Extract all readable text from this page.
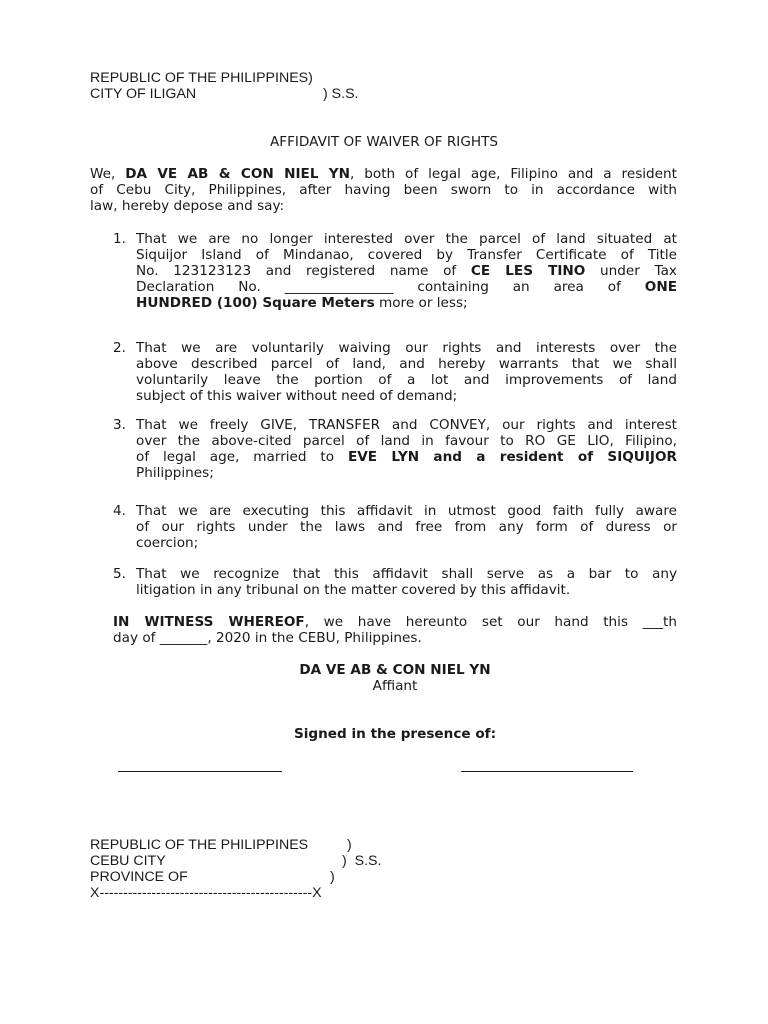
REPUBLIC OF THE PHILIPPINES)
CITY OF ILIGAN	) S.S.
AFFIDAVIT OF WAIVER OF RIGHTS
We, DA VE AB & CON NIEL YN, both of legal age, Filipino and a resident
of Cebu City, Philippines, after having been sworn to in accordance with
law, hereby depose and say:
1. That we are no longer interested over the parcel of land situated at
Siquijor Island of Mindanao, covered by Transfer Certificate of Title
No. 123123123 and registered name of CE LES TINO under Tax
Declaration No. ________________ containing an area of ONE
HUNDRED (100) Square Meters more or less;
2. That we are voluntarily waiving our rights and interests over the
above described parcel of land, and hereby warrants that we shall
voluntarily leave the portion of a lot and improvements of land
subject of this waiver without need of demand;
3. That we freely GIVE, TRANSFER and CONVEY, our rights and interest
over the above-cited parcel of land in favour to RO GE LIO, Filipino,
of legal age, married to EVE LYN and a resident of SIQUIJOR
Philippines;
4. That we are executing this affidavit in utmost good faith fully aware
of our rights under the laws and free from any form of duress or
coercion;
5. That we recognize that this affidavit shall serve as a bar to any
litigation in any tribunal on the matter covered by this affidavit.
IN WITNESS WHEREOF, we have hereunto set our hand this ___th
day of _______, 2020 in the CEBU, Philippines.
DA VE AB & CON NIEL YN
Affiant
Signed in the presence of:
REPUBLIC OF THE PHILIPPINES	)
CEBU CITY	)  S.S.
PROVINCE OF	)
X---------------------------------------------X
